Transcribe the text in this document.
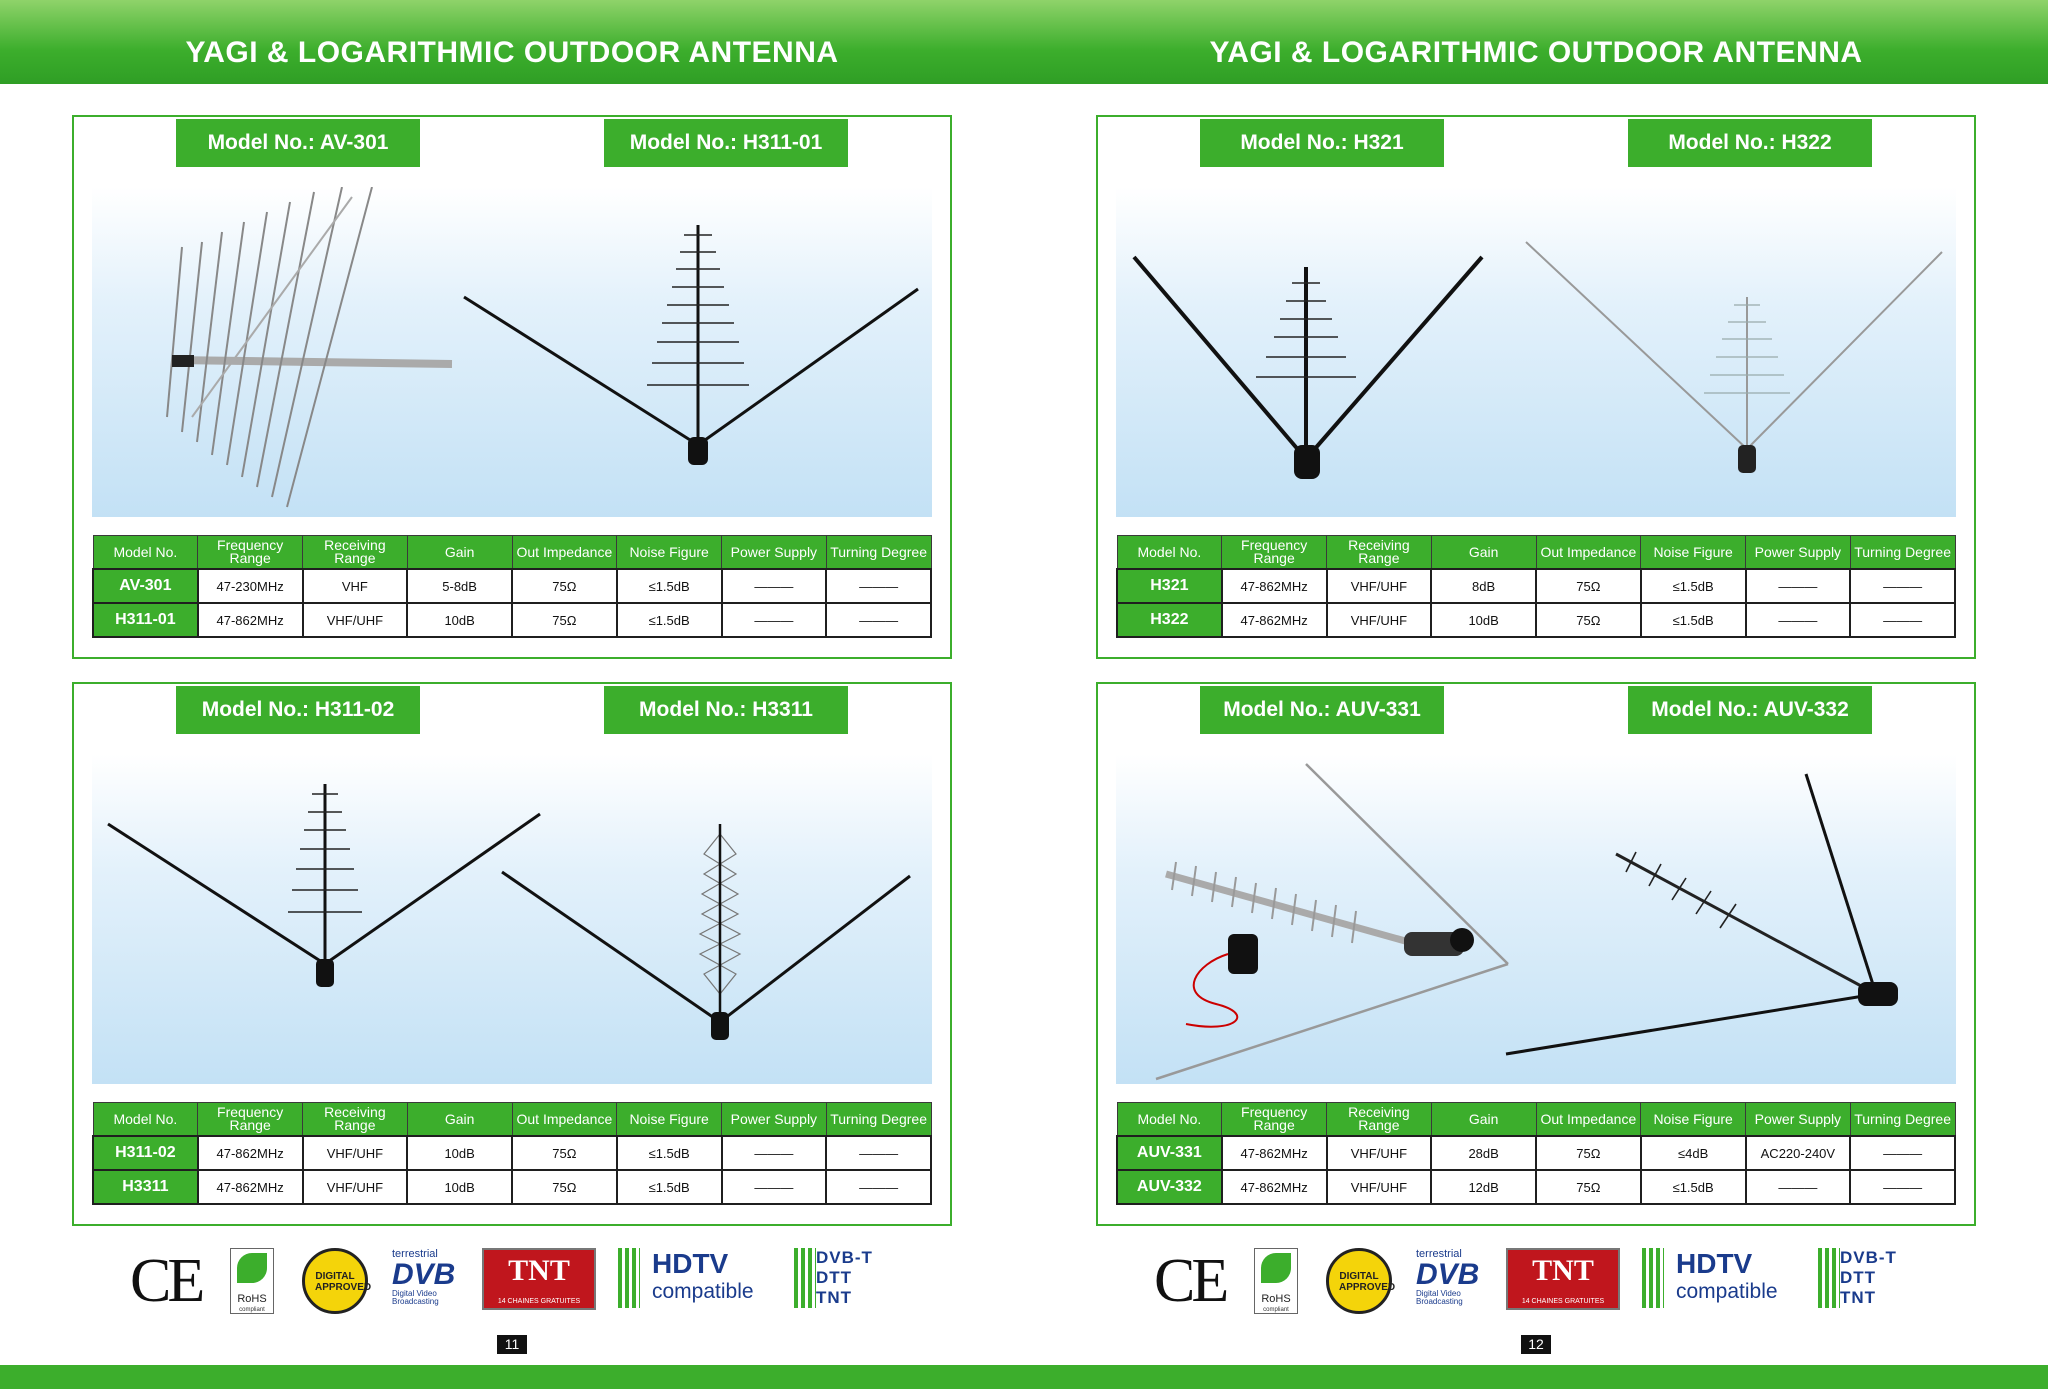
YAGI & LOGARITHMIC OUTDOOR ANTENNA
Model No.: AV-301	Model No.: H311-01
Model No.	Frequency Range	Receiving Range	Gain	Out Impedance	Noise Figure	Power Supply	Turning Degree
AV-301	47-230MHz	VHF	5-8dB	75Ω	≤1.5dB	———	———
H311-01	47-862MHz	VHF/UHF	10dB	75Ω	≤1.5dB	———	———
Model No.: H311-02	Model No.: H3311
Model No.	Frequency Range	Receiving Range	Gain	Out Impedance	Noise Figure	Power Supply	Turning Degree
H311-02	47-862MHz	VHF/UHF	10dB	75Ω	≤1.5dB	———	———
H3311	47-862MHz	VHF/UHF	10dB	75Ω	≤1.5dB	———	———
CE	RoHS
compliant
DIGITAL APPROVED
terrestrial
DVB
Digital Video Broadcasting
TNT
14 CHAINES GRATUITES
HDTV
compatible
DVB-T
DTT
TNT
11
YAGI & LOGARITHMIC OUTDOOR ANTENNA
Model No.: H321	Model No.: H322
Model No.	Frequency Range	Receiving Range	Gain	Out Impedance	Noise Figure	Power Supply	Turning Degree
H321	47-862MHz	VHF/UHF	8dB	75Ω	≤1.5dB	———	———
H322	47-862MHz	VHF/UHF	10dB	75Ω	≤1.5dB	———	———
Model No.: AUV-331	Model No.: AUV-332
Model No.	Frequency Range	Receiving Range	Gain	Out Impedance	Noise Figure	Power Supply	Turning Degree
AUV-331	47-862MHz	VHF/UHF	28dB	75Ω	≤4dB	AC220-240V	———
AUV-332	47-862MHz	VHF/UHF	12dB	75Ω	≤1.5dB	———	———
CE	RoHS
compliant
DIGITAL APPROVED
terrestrial
DVB
Digital Video Broadcasting
TNT
14 CHAINES GRATUITES
HDTV
compatible
DVB-T
DTT
TNT
12
